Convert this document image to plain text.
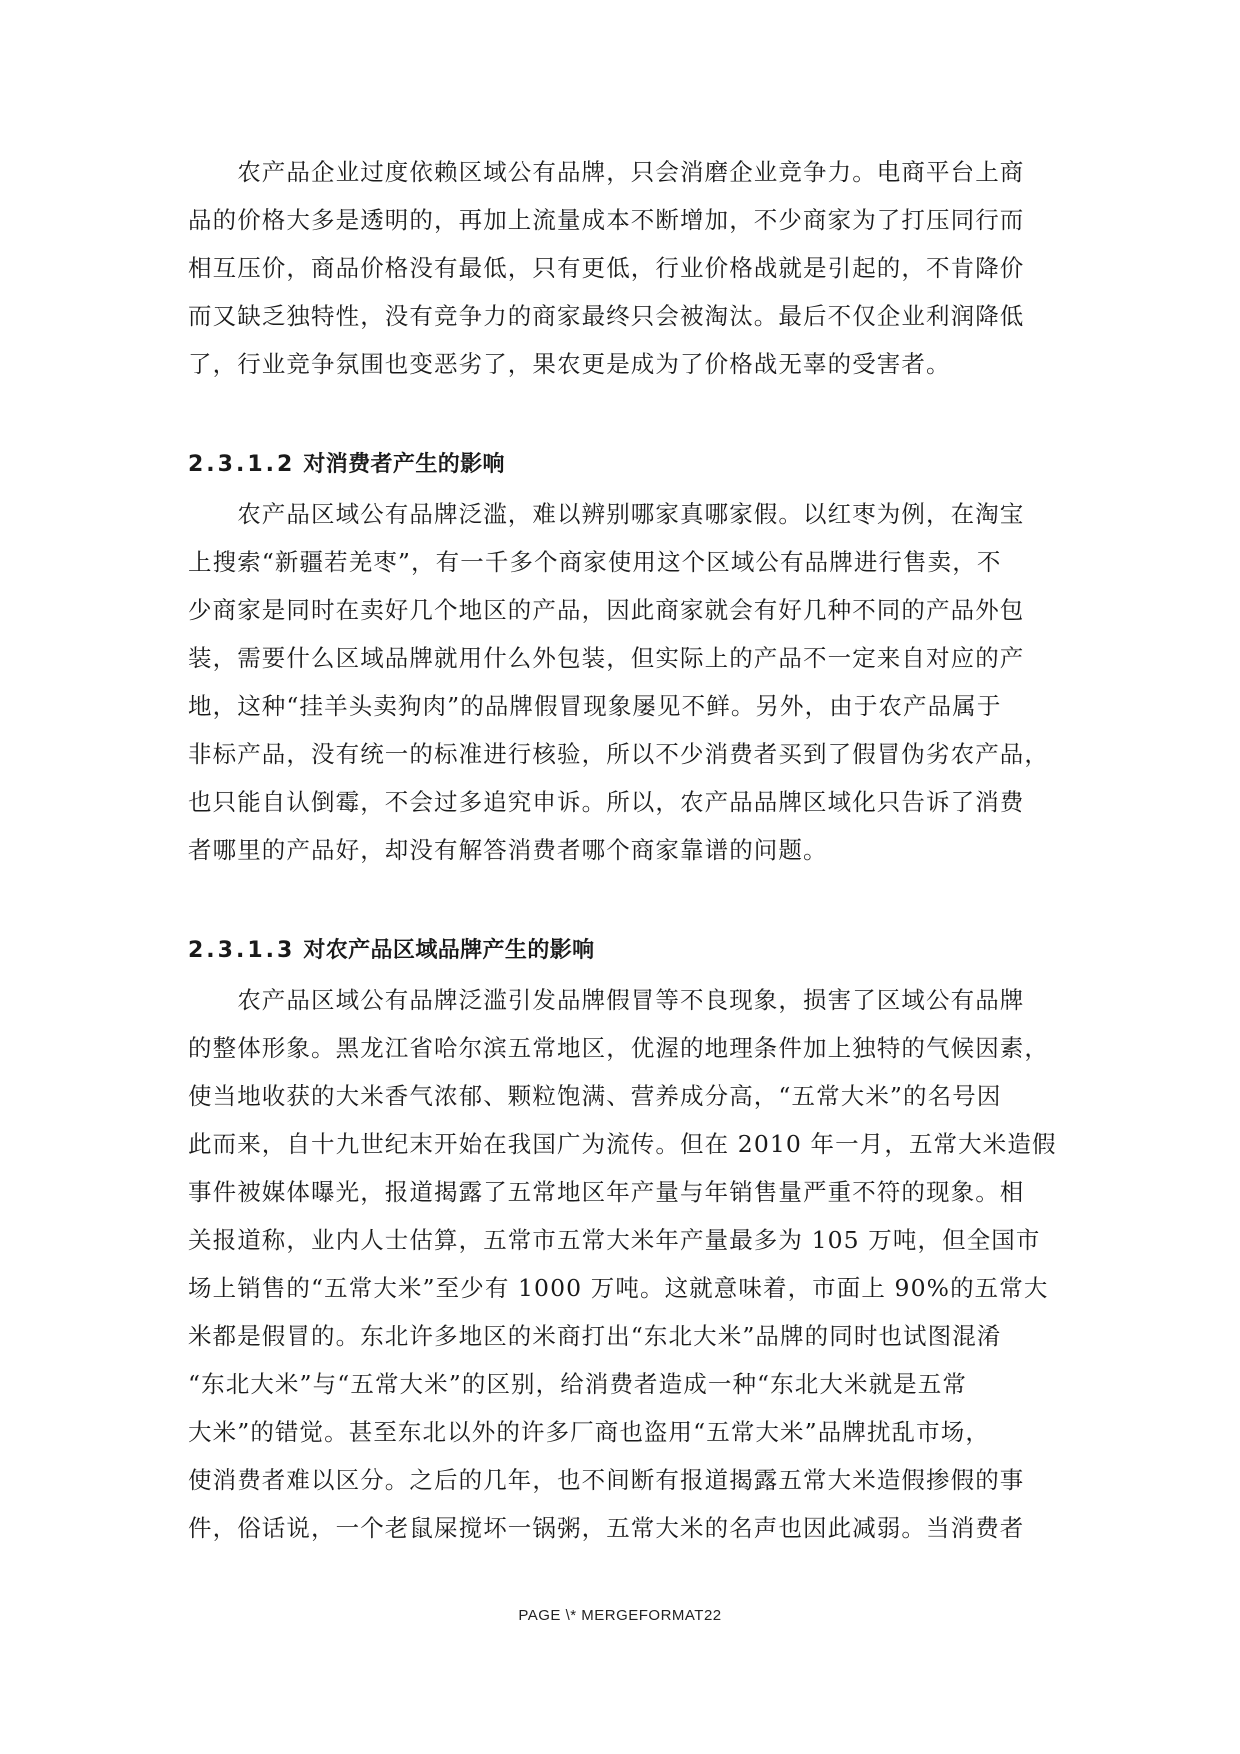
　　农产品企业过度依赖区域公有品牌，只会消磨企业竞争力。电商平台上商
品的价格大多是透明的，再加上流量成本不断增加，不少商家为了打压同行而
相互压价，商品价格没有最低，只有更低，行业价格战就是引起的，不肯降价
而又缺乏独特性，没有竞争力的商家最终只会被淘汰。最后不仅企业利润降低
了，行业竞争氛围也变恶劣了，果农更是成为了价格战无辜的受害者。
2.3.1.2 对消费者产生的影响
　　农产品区域公有品牌泛滥，难以辨别哪家真哪家假。以红枣为例，在淘宝
上搜索“新疆若羌枣”，有一千多个商家使用这个区域公有品牌进行售卖，不
少商家是同时在卖好几个地区的产品，因此商家就会有好几种不同的产品外包
装，需要什么区域品牌就用什么外包装，但实际上的产品不一定来自对应的产
地，这种“挂羊头卖狗肉”的品牌假冒现象屡见不鲜。另外，由于农产品属于
非标产品，没有统一的标准进行核验，所以不少消费者买到了假冒伪劣农产品，
也只能自认倒霉，不会过多追究申诉。所以，农产品品牌区域化只告诉了消费
者哪里的产品好，却没有解答消费者哪个商家靠谱的问题。
2.3.1.3 对农产品区域品牌产生的影响
　　农产品区域公有品牌泛滥引发品牌假冒等不良现象，损害了区域公有品牌
的整体形象。黑龙江省哈尔滨五常地区，优渥的地理条件加上独特的气候因素，
使当地收获的大米香气浓郁、颗粒饱满、营养成分高，“五常大米”的名号因
此而来，自十九世纪末开始在我国广为流传。但在 2010 年一月，五常大米造假
事件被媒体曝光，报道揭露了五常地区年产量与年销售量严重不符的现象。相
关报道称，业内人士估算，五常市五常大米年产量最多为 105 万吨，但全国市
场上销售的“五常大米”至少有 1000 万吨。这就意味着，市面上 90%的五常大
米都是假冒的。东北许多地区的米商打出“东北大米”品牌的同时也试图混淆
“东北大米”与“五常大米”的区别，给消费者造成一种“东北大米就是五常
大米”的错觉。甚至东北以外的许多厂商也盗用“五常大米”品牌扰乱市场，
使消费者难以区分。之后的几年，也不间断有报道揭露五常大米造假掺假的事
件，俗话说，一个老鼠屎搅坏一锅粥，五常大米的名声也因此减弱。当消费者
PAGE \* MERGEFORMAT22
